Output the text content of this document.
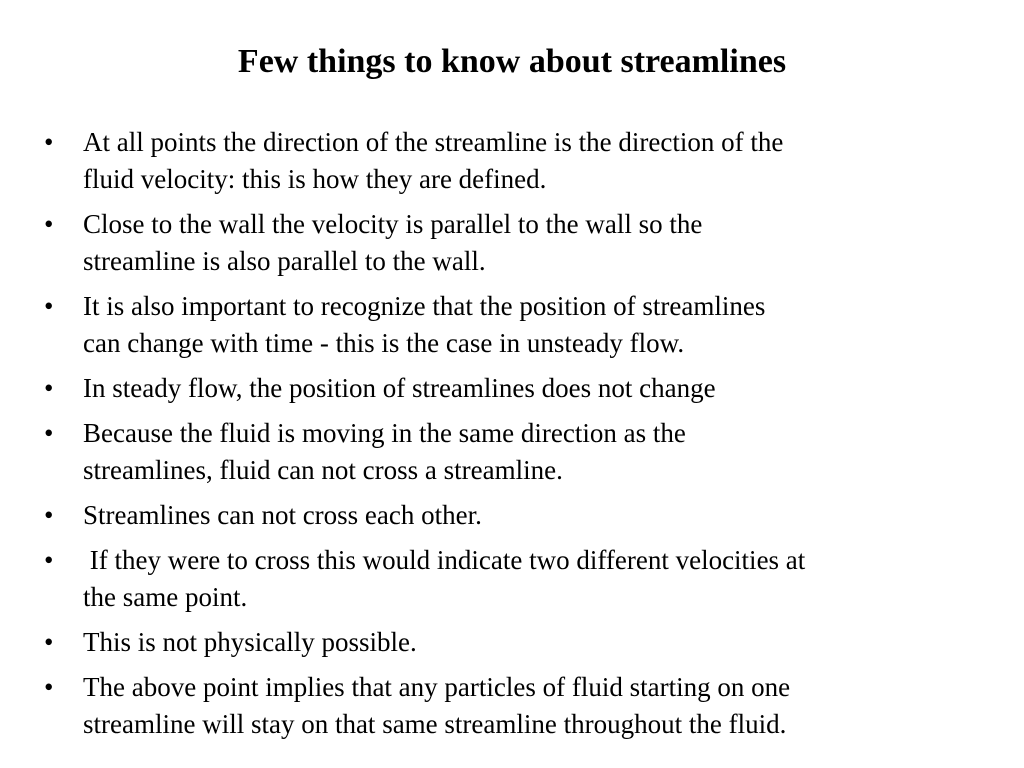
Few things to know about streamlines
•	At all points the direction of the streamline is the direction of the
fluid velocity: this is how they are defined.
•	Close to the wall the velocity is parallel to the wall so the
streamline is also parallel to the wall.
•	It is also important to recognize that the position of streamlines
can change with time - this is the case in unsteady flow.
•	In steady flow, the position of streamlines does not change
•	Because the fluid is moving in the same direction as the
streamlines, fluid can not cross a streamline.
•	Streamlines can not cross each other.
•	If they were to cross this would indicate two different velocities at
the same point.
•	This is not physically possible.
•	The above point implies that any particles of fluid starting on one
streamline will stay on that same streamline throughout the fluid.
